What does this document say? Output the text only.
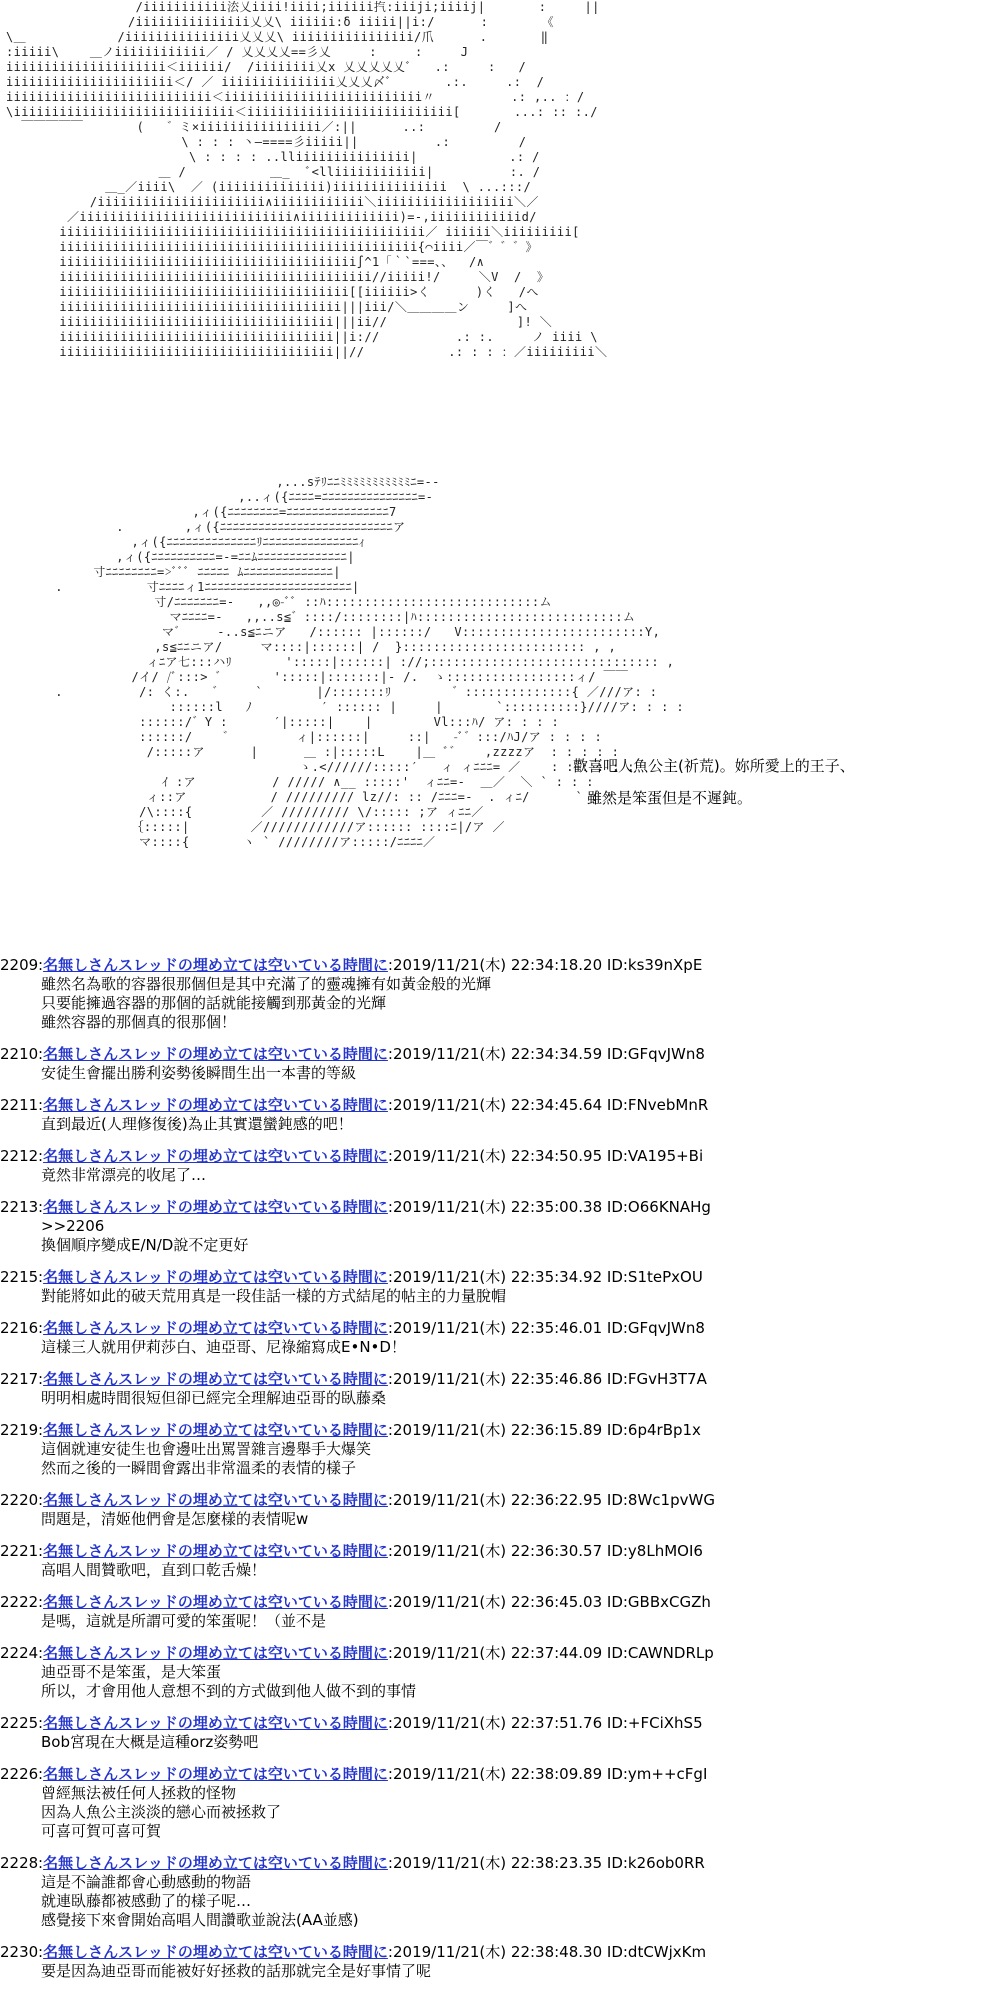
/iiiiiiiiiii㳒乂iiii!iiii;iiiiii㧉:iiiji;iiiij|       :     ||
/iiiiiiiiiiiiiii乂乂\ iiiiii:δ iiiii||i:/      :       《
\＿            /iiiiiiiiiiiiiii乂乂乂\ iiiiiiiiiiiiiiii/爪      .       ‖
:iiiii\    ＿ノiiiiiiiiiiii／ / 乂乂乂乂==彡乂     :     :     J
iiiiiiiiiiiiiiiiiiiii＜iiiiii/  /iiiiiiii乂x 乂乂乂乂乂ﾞ   .:     :   /
iiiiiiiiiiiiiiiiiiiiii＜/ ／ iiiiiiiiiiiiiii乂乂乂〆ﾞ       .:.     .:  /
iiiiiiiiiiiiiiiiiiiiiiiiiii＜iiiiiiiiiiiiiiiiiiiiiiiiii〃          .: ,.. ：/
\iiiiiiiiiiiiiiiiiiiiiiiiiiiii＜iiiiiiiiiiiiiiiiiiiiiiiiiii[       ...: :: :./
￣￣￣￣￣       (   ゛ミ×iiiiiiiiiiiiiiii／:||      ..:         /
\ : : : 丶―====彡iiiii||          .:         /
\ : : : : ..lliiiiiiiiiiiiiii|            .: /
＿ /           ＿_  ﾞ<lliiiiiiiiiiii|          :. /
＿_／iiii\  ／ (iiiiiiiiiiiiii)iiiiiiiiiiiiiii  \ ...:::/
/iiiiiiiiiiiiiiiiiiiiii∧iiiiiiiiiiii＼iiiiiiiiiiiiiiiiii＼／
／iiiiiiiiiiiiiiiiiiiiiiiiiiii∧iiiiiiiiiiiii)=-,iiiiiiiiiiiid/
iiiiiiiiiiiiiiiiiiiiiiiiiiiiiiiiiiiiiiiiiiiiiiii／ iiiiii＼iiiiiiiii[
iiiiiiiiiiiiiiiiiiiiiiiiiiiiiiiiiiiiiiiiiiiiiii{⌒iiii／￣゛゛゛》
iiiiiiiiiiiiiiiiiiiiiiiiiiiiiiiiiiiiiii∫^1「｀`===、、  /∧
iiiiiiiiiiiiiiiiiiiiiiiiiiiiiiiiiiiiiiiii//iiiii!/     ＼V  /  》
iiiiiiiiiiiiiiiiiiiiiiiiiiiiiiiiiiiiii[[iiiiii>く      )く   /へ
iiiiiiiiiiiiiiiiiiiiiiiiiiiiiiiiiiiii|||iii/＼＿＿＿＿ン     ]へ
iiiiiiiiiiiiiiiiiiiiiiiiiiiiiiiiiiii|||ii//                 ]! ＼
iiiiiiiiiiiiiiiiiiiiiiiiiiiiiiiiiiii||i://          .: :.     ノ iiii \
iiiiiiiiiiiiiiiiiiiiiiiiiiiiiiiiiiii||//           .: : : ：／iiiiiiiii＼
,...sﾃﾘﾆﾆﾐﾐﾐﾐﾐﾐﾐﾐﾐﾐﾐﾆ=--
,..ィ({ﾆﾆﾆﾆ=ﾆﾆﾆﾆﾆﾆﾆﾆﾆﾆﾆﾆﾆﾆﾆ=-
,ィ({ﾆﾆﾆﾆﾆﾆﾆﾆ=ﾆﾆﾆﾆﾆﾆﾆﾆﾆﾆﾆﾆﾆﾆﾆﾆ7
.        ,ィ({ﾆﾆﾆﾆﾆﾆﾆﾆﾆﾆﾆﾆﾆﾆﾆﾆﾆﾆﾆﾆﾆﾆﾆﾆﾆﾆﾆア
,ィ({ﾆﾆﾆﾆﾆﾆﾆﾆﾆﾆﾆﾆﾆﾆﾘﾆﾆﾆﾆﾆﾆﾆﾆﾆﾆﾆﾆﾆﾆﾆｨ
,ィ({ﾆﾆﾆﾆﾆﾆﾆﾆﾆﾆ=-=ﾆﾆﾑﾆﾆﾆﾆﾆﾆﾆﾆﾆﾆﾆﾆﾆﾆ|
寸ﾆﾆﾆﾆﾆﾆﾆﾆ=>ﾞﾞﾞ ﾆﾆﾆﾆﾆ ﾑﾆﾆﾆﾆﾆﾆﾆﾆﾆﾆﾆﾆﾆﾆ|
.           寸ﾆﾆﾆﾆィ1ﾆﾆﾆﾆﾆﾆﾆﾆﾆﾆﾆﾆﾆﾆﾆﾆﾆﾆﾆﾆﾆﾆﾆ|
寸/ﾆﾆﾆﾆﾆﾆﾆ=-   ,,◎-ﾞﾞ ::ﾊ::::::::::::::::::::::::::::ム
マﾆﾆﾆﾆ=-   ,,..s≦゛::::/::::::::|ﾊ:::::::::::::::::::::::::::ム
マ゛    -..s≦ﾆニア   /:::::: |::::::/   V::::::::::::::::::::::::Y,
,s≦ﾆﾆニア/     マ::::|::::::| /  }:::::::::::::::::::::::: , ,
ィﾆア七:::ハﾘ       ':::::|::::::| ://;:::::::::::::::::::::::::::::: ,
/イ/ /ﾞ:::> ゛      ':::::|:::::::|- /.  ゝ:::::::::::::::::ィ/ ￣￣
.          /: く:.   ゛    `       |/:::::::ﾘ        ゛::::::::::::::{ ／///ア: :
::::::l   ﾉ         ′ :::::: |     |       `::::::::::}////ア: : : :
::::::/゛Y :      ′|:::::|    |        Vl:::ﾊ/ ア: : : :
::::::/    ゛        ィ|::::::|     ::|   -ﾞ゛:::/ﾊJ/ア : : : :
/:::::ア      |      ＿ :|:::::L    |＿ ﾞ゛   ,zzzzア  : : : : :
ゝ.<//////:::::′   ィ ィﾆﾆﾆ= ／    : : : : : :
ｲ :ア          / ///// ∧__ :::::'  ィﾆﾆ=-  ＿／  ＼ ` : : :
ィ::ア           / ///////// lz//: :: /ﾆﾆﾆ=-  . ィﾆ/      ` : :
/\::::{         ／ ///////// \/::::: ;ア ィﾆﾆ／
｛:::::|        ／////////////ア:::::: ::::ﾆ|/ア ／
マ::::{       ヽ ` ////////ア:::::/ﾆﾆﾆﾆ／
歡喜吧人魚公主(祈荒)。妳所愛上的王子、
雖然是笨蛋但是不遲鈍。
2209:名無しさんスレッドの埋め立ては空いている時間に:2019/11/21(木) 22:34:18.20 ID:ks39nXpE
雖然名為歌的容器很那個但是其中充滿了的靈魂擁有如黃金般的光輝
只要能擁過容器的那個的話就能接觸到那黃金的光輝
雖然容器的那個真的很那個！
2210:名無しさんスレッドの埋め立ては空いている時間に:2019/11/21(木) 22:34:34.59 ID:GFqvJWn8
安徒生會擺出勝利姿勢後瞬間生出一本書的等級
2211:名無しさんスレッドの埋め立ては空いている時間に:2019/11/21(木) 22:34:45.64 ID:FNvebMnR
直到最近(人理修復後)為止其實還蠻鈍感的吧！
2212:名無しさんスレッドの埋め立ては空いている時間に:2019/11/21(木) 22:34:50.95 ID:VA195+Bi
竟然非常漂亮的收尾了…
2213:名無しさんスレッドの埋め立ては空いている時間に:2019/11/21(木) 22:35:00.38 ID:O66KNAHg
>>2206
換個順序變成E/N/D說不定更好
2215:名無しさんスレッドの埋め立ては空いている時間に:2019/11/21(木) 22:35:34.92 ID:S1tePxOU
對能將如此的破天荒用真是一段佳話一樣的方式結尾的帖主的力量脫帽
2216:名無しさんスレッドの埋め立ては空いている時間に:2019/11/21(木) 22:35:46.01 ID:GFqvJWn8
這樣三人就用伊莉莎白、迪亞哥、尼祿縮寫成E•N•D！
2217:名無しさんスレッドの埋め立ては空いている時間に:2019/11/21(木) 22:35:46.86 ID:FGvH3T7A
明明相處時間很短但卻已經完全理解迪亞哥的臥藤桑
2219:名無しさんスレッドの埋め立ては空いている時間に:2019/11/21(木) 22:36:15.89 ID:6p4rBp1x
這個就連安徒生也會邊吐出罵詈雜言邊舉手大爆笑
然而之後的一瞬間會露出非常溫柔的表情的樣子
2220:名無しさんスレッドの埋め立ては空いている時間に:2019/11/21(木) 22:36:22.95 ID:8Wc1pvWG
問題是，清姬他們會是怎麼樣的表情呢w
2221:名無しさんスレッドの埋め立ては空いている時間に:2019/11/21(木) 22:36:30.57 ID:y8LhMOI6
高唱人間贊歌吧，直到口乾舌燥！
2222:名無しさんスレッドの埋め立ては空いている時間に:2019/11/21(木) 22:36:45.03 ID:GBBxCGZh
是嗎，這就是所謂可愛的笨蛋呢！（並不是
2224:名無しさんスレッドの埋め立ては空いている時間に:2019/11/21(木) 22:37:44.09 ID:CAWNDRLp
迪亞哥不是笨蛋，是大笨蛋
所以，才會用他人意想不到的方式做到他人做不到的事情
2225:名無しさんスレッドの埋め立ては空いている時間に:2019/11/21(木) 22:37:51.76 ID:+FCiXhS5
Bob宮現在大概是這種orz姿勢吧
2226:名無しさんスレッドの埋め立ては空いている時間に:2019/11/21(木) 22:38:09.89 ID:ym++cFgI
曾經無法被任何人拯救的怪物
因為人魚公主淡淡的戀心而被拯救了
可喜可賀可喜可賀
2228:名無しさんスレッドの埋め立ては空いている時間に:2019/11/21(木) 22:38:23.35 ID:k26ob0RR
這是不論誰都會心動感動的物語
就連臥藤都被感動了的樣子呢…
感覺接下來會開始高唱人間讚歌並說法(AA並感)
2230:名無しさんスレッドの埋め立ては空いている時間に:2019/11/21(木) 22:38:48.30 ID:dtCWjxKm
要是因為迪亞哥而能被好好拯救的話那就完全是好事情了呢
